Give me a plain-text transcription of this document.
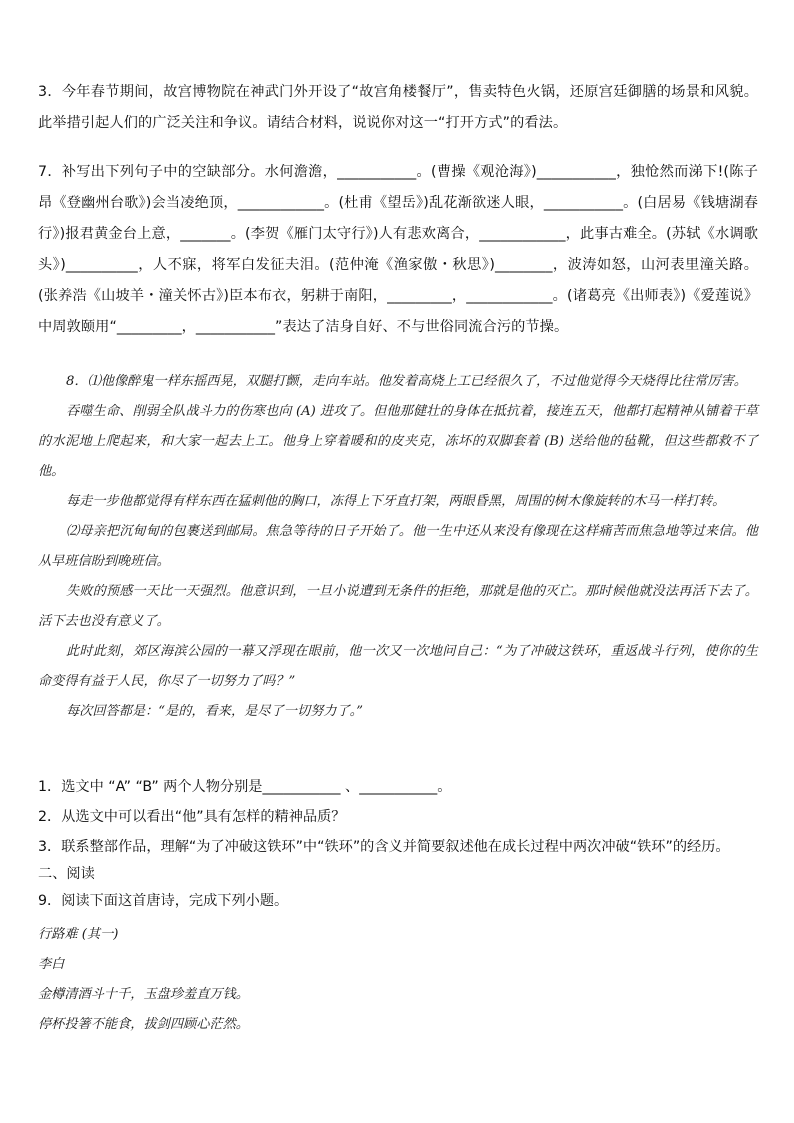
3．今年春节期间，故宫博物院在神武门外开设了“故宫角楼餐厅”，售卖特色火锅，还原宫廷御膳的场景和风貌。此举措引起人们的广泛关注和争议。请结合材料，说说你对这一“打开方式”的看法。

7．补写出下列句子中的空缺部分。水何澹澹，___________。(曹操《观沧海》)___________，独怆然而涕下!(陈子昂《登幽州台歌》)会当凌绝顶，____________。(杜甫《望岳》)乱花渐欲迷人眼，___________。(白居易《钱塘湖春行》)报君黄金台上意，_______。(李贺《雁门太守行》)人有悲欢离合，____________，此事古难全。(苏轼《水调歌头》)__________，人不寐，将军白发征夫泪。(范仲淹《渔家傲・秋思》)________，波涛如怒，山河表里潼关路。(张养浩《山坡羊・潼关怀古》)臣本布衣，躬耕于南阳，_________，____________。(诸葛亮《出师表》)《爱莲说》中周敦颐用“_________，___________”表达了洁身自好、不与世俗同流合污的节操。

8．⑴他像醉鬼一样东摇西晃，双腿打颤，走向车站。他发着高烧上工已经很久了，不过他觉得今天烧得比往常厉害。

吞噬生命、削弱全队战斗力的伤寒也向 (A) 进攻了。但他那健壮的身体在抵抗着，接连五天，他都打起精神从铺着干草的水泥地上爬起来，和大家一起去上工。他身上穿着暖和的皮夹克，冻坏的双脚套着 (B) 送给他的毡靴，但这些都救不了他。

每走一步他都觉得有样东西在猛刺他的胸口，冻得上下牙直打架，两眼昏黑，周围的树木像旋转的木马一样打转。

⑵母亲把沉甸甸的包裹送到邮局。焦急等待的日子开始了。他一生中还从来没有像现在这样痛苦而焦急地等过来信。他从早班信盼到晚班信。

失败的预感一天比一天强烈。他意识到，一旦小说遭到无条件的拒绝，那就是他的灭亡。那时候他就没法再活下去了。活下去也没有意义了。

此时此刻，郊区海滨公园的一幕又浮现在眼前，他一次又一次地问自己：“为了冲破这铁环，重返战斗行列，使你的生命变得有益于人民，你尽了一切努力了吗？”

每次回答都是：“是的，看来，是尽了一切努力了。”

1．选文中 “A” “B” 两个人物分别是___________ 、___________。

2．从选文中可以看出“他”具有怎样的精神品质？

3．联系整部作品，理解“为了冲破这铁环”中“铁环”的含义并简要叙述他在成长过程中两次冲破“铁环”的经历。

二、阅读

9．阅读下面这首唐诗，完成下列小题。

行路难 (其一)

李白

金樽清酒斗十千，玉盘珍羞直万钱。

停杯投箸不能食，拔剑四顾心茫然。
